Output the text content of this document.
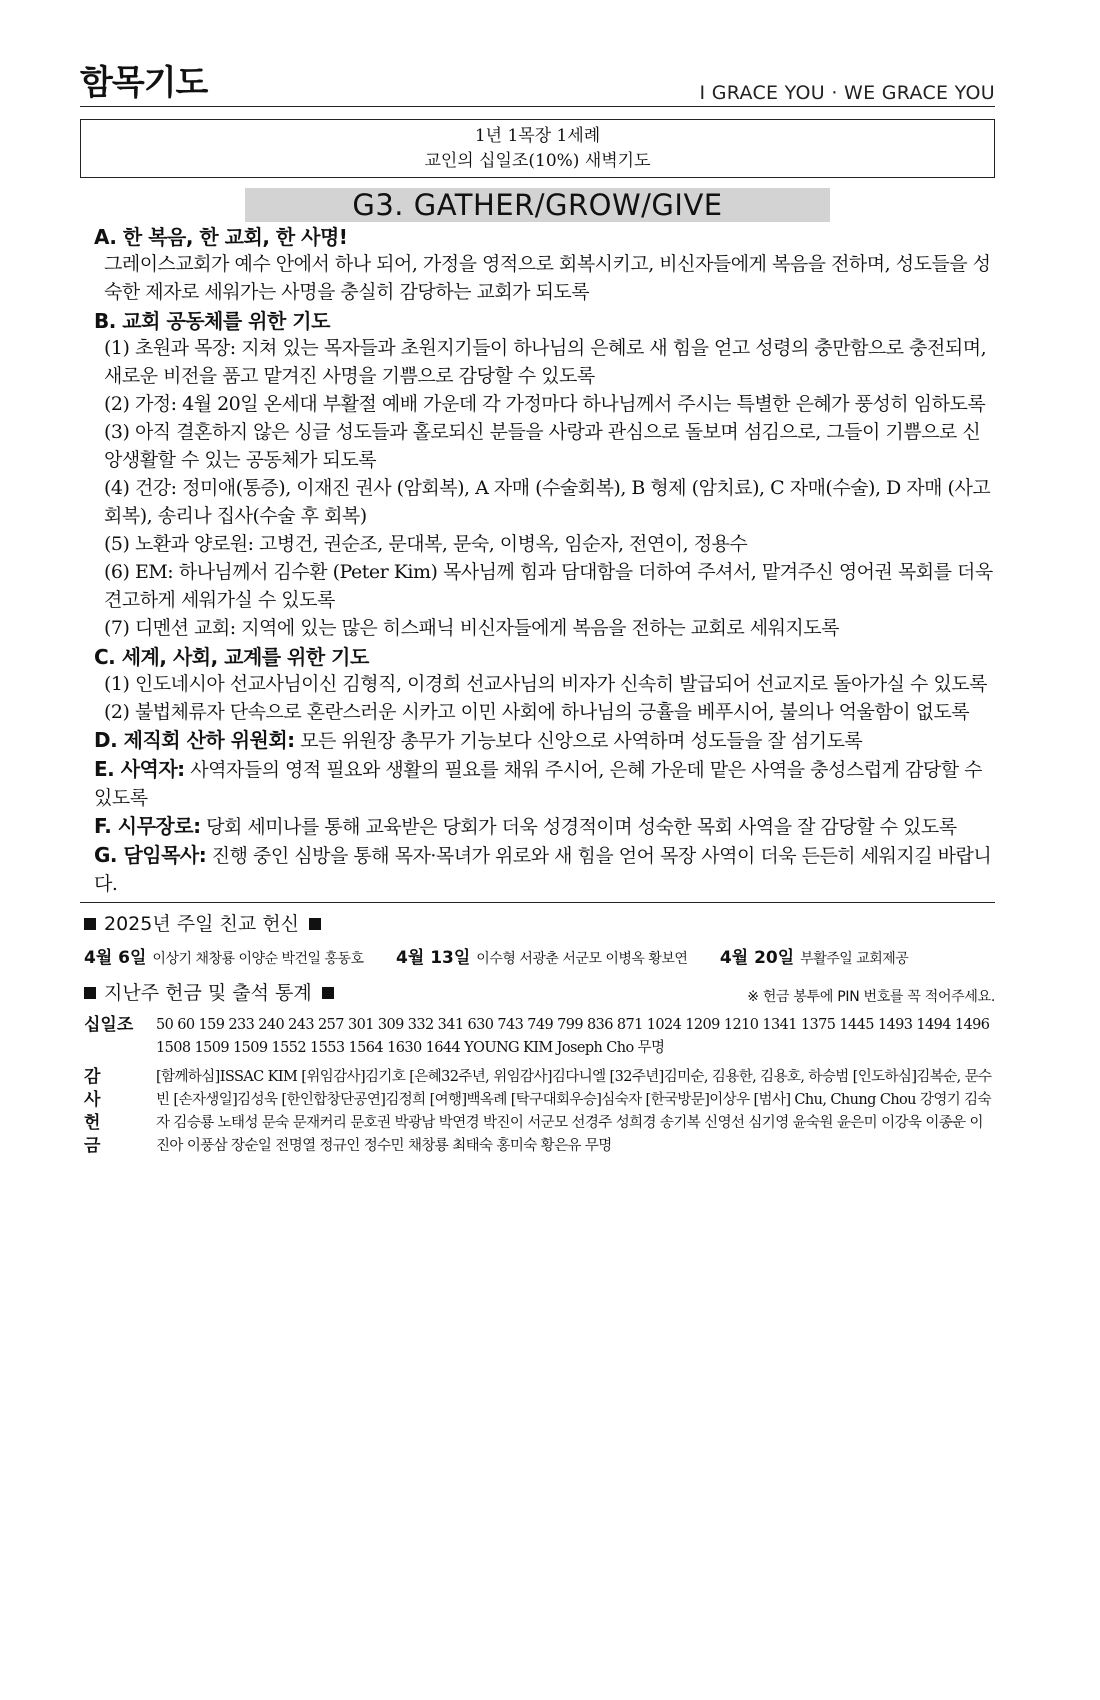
함목기도	I GRACE YOU · WE GRACE YOU
1년 1목장 1세례
교인의 십일조(10%) 새벽기도
G3. GATHER/GROW/GIVE
A. 한 복음, 한 교회, 한 사명!
그레이스교회가 예수 안에서 하나 되어, 가정을 영적으로 회복시키고, 비신자들에게 복음을 전하며, 성도들을 성숙한 제자로 세워가는 사명을 충실히 감당하는 교회가 되도록
B. 교회 공동체를 위한 기도
(1) 초원과 목장: 지쳐 있는 목자들과 초원지기들이 하나님의 은혜로 새 힘을 얻고 성령의 충만함으로 충전되며, 새로운 비전을 품고 맡겨진 사명을 기쁨으로 감당할 수 있도록
(2) 가정: 4월 20일 온세대 부활절 예배 가운데 각 가정마다 하나님께서 주시는 특별한 은혜가 풍성히 임하도록
(3) 아직 결혼하지 않은 싱글 성도들과 홀로되신 분들을 사랑과 관심으로 돌보며 섬김으로, 그들이 기쁨으로 신앙생활할 수 있는 공동체가 되도록
(4) 건강: 정미애(통증), 이재진 권사 (암회복), A 자매 (수술회복), B 형제 (암치료), C 자매(수술), D 자매 (사고회복), 송리나 집사(수술 후 회복)
(5) 노환과 양로원: 고병건, 권순조, 문대복, 문숙, 이병옥, 임순자, 전연이, 정용수
(6) EM: 하나님께서 김수환 (Peter Kim) 목사님께 힘과 담대함을 더하여 주셔서, 맡겨주신 영어권 목회를 더욱 견고하게 세워가실 수 있도록
(7) 디멘션 교회: 지역에 있는 많은 히스패닉 비신자들에게 복음을 전하는 교회로 세워지도록
C. 세계, 사회, 교계를 위한 기도
(1) 인도네시아 선교사님이신 김형직, 이경희 선교사님의 비자가 신속히 발급되어 선교지로 돌아가실 수 있도록
(2) 불법체류자 단속으로 혼란스러운 시카고 이민 사회에 하나님의 긍휼을 베푸시어, 불의나 억울함이 없도록
D. 제직회 산하 위원회: 모든 위원장 총무가 기능보다 신앙으로 사역하며 성도들을 잘 섬기도록
E. 사역자: 사역자들의 영적 필요와 생활의 필요를 채워 주시어, 은혜 가운데 맡은 사역을 충성스럽게 감당할 수 있도록
F. 시무장로: 당회 세미나를 통해 교육받은 당회가 더욱 성경적이며 성숙한 목회 사역을 잘 감당할 수 있도록
G. 담임목사: 진행 중인 심방을 통해 목자·목녀가 위로와 새 힘을 얻어 목장 사역이 더욱 든든히 세워지길 바랍니다.
2025년 주일 친교 헌신
4월 6일 이상기 채창룡 이양순 박건일 홍동호 4월 13일 이수형 서광춘 서군모 이병옥 황보연 4월 20일 부활주일 교회제공
지난주 헌금 및 출석 통계	※ 헌금 봉투에 PIN 번호를 꼭 적어주세요.
십일조	50 60 159 233 240 243 257 301 309 332 341 630 743 749 799 836 871 1024 1209 1210 1341 1375 1445 1493 1494 1496 1508 1509 1509 1552 1553 1564 1630 1644 YOUNG KIM Joseph Cho 무명
감사
헌금
[함께하심]ISSAC KIM [위임감사]김기호 [은혜32주년, 위임감사]김다니엘 [32주년]김미순, 김용한, 김용호, 하승범 [인도하심]김복순, 문수빈 [손자생일]김성욱 [한인합창단공연]김정희 [여행]백옥례 [탁구대회우승]심숙자 [한국방문]이상우 [범사] Chu, Chung Chou 강영기 김숙자 김승룡 노태성 문숙 문재커리 문호권 박광남 박연경 박진이 서군모 선경주 성희경 송기복 신영선 심기영 윤숙원 윤은미 이강욱 이종운 이진아 이풍삼 장순일 전명열 정규인 정수민 채창룡 최태숙 홍미숙 황은유 무명
